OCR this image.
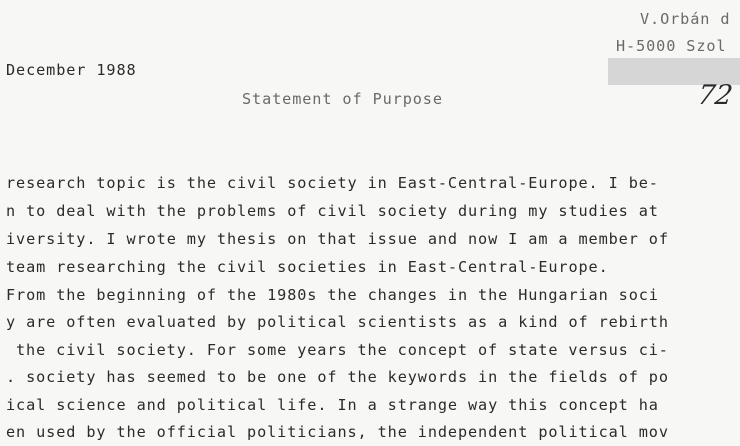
V.Orbán d
H-5000 Szol
72
December 1988
Statement of Purpose
research topic is the civil society in East-Central-Europe. I be-
n to deal with the problems of civil society during my studies at
iversity. I wrote my thesis on that issue and now I am a member of
team researching the civil societies in East-Central-Europe.
From the beginning of the 1980s the changes in the Hungarian soci
y are often evaluated by political scientists as a kind of rebirth
the civil society. For some years the concept of state versus ci-
. society has seemed to be one of the keywords in the fields of po
ical science and political life. In a strange way this concept ha
en used by the official politicians, the independent political mov
